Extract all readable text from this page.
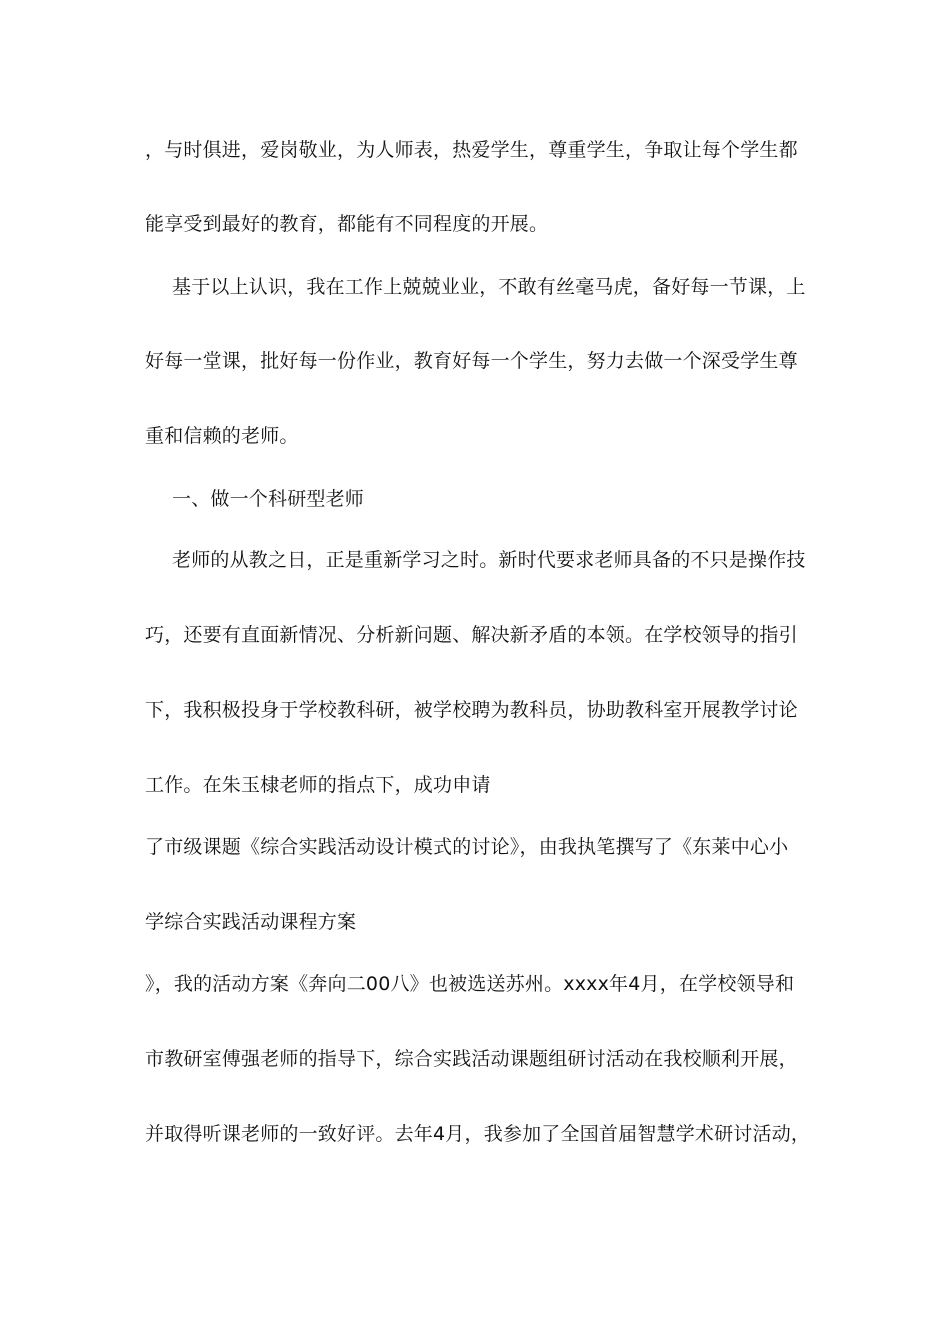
，与时俱进，爱岗敬业，为人师表，热爱学生，尊重学生，争取让每个学生都
能享受到最好的教育，都能有不同程度的开展。
基于以上认识，我在工作上兢兢业业，不敢有丝毫马虎，备好每一节课，上
好每一堂课，批好每一份作业，教育好每一个学生，努力去做一个深受学生尊
重和信赖的老师。
一、做一个科研型老师
老师的从教之日，正是重新学习之时。新时代要求老师具备的不只是操作技
巧，还要有直面新情况、分析新问题、解决新矛盾的本领。在学校领导的指引
下，我积极投身于学校教科研，被学校聘为教科员，协助教科室开展教学讨论
工作。在朱玉棣老师的指点下，成功申请
了市级课题《综合实践活动设计模式的讨论》，由我执笔撰写了《东莱中心小
学综合实践活动课程方案
》，我的活动方案《奔向二00八》也被选送苏州。xxxx年4月，在学校领导和
市教研室傅强老师的指导下，综合实践活动课题组研讨活动在我校顺利开展，
并取得听课老师的一致好评。去年4月，我参加了全国首届智慧学术研讨活动，
